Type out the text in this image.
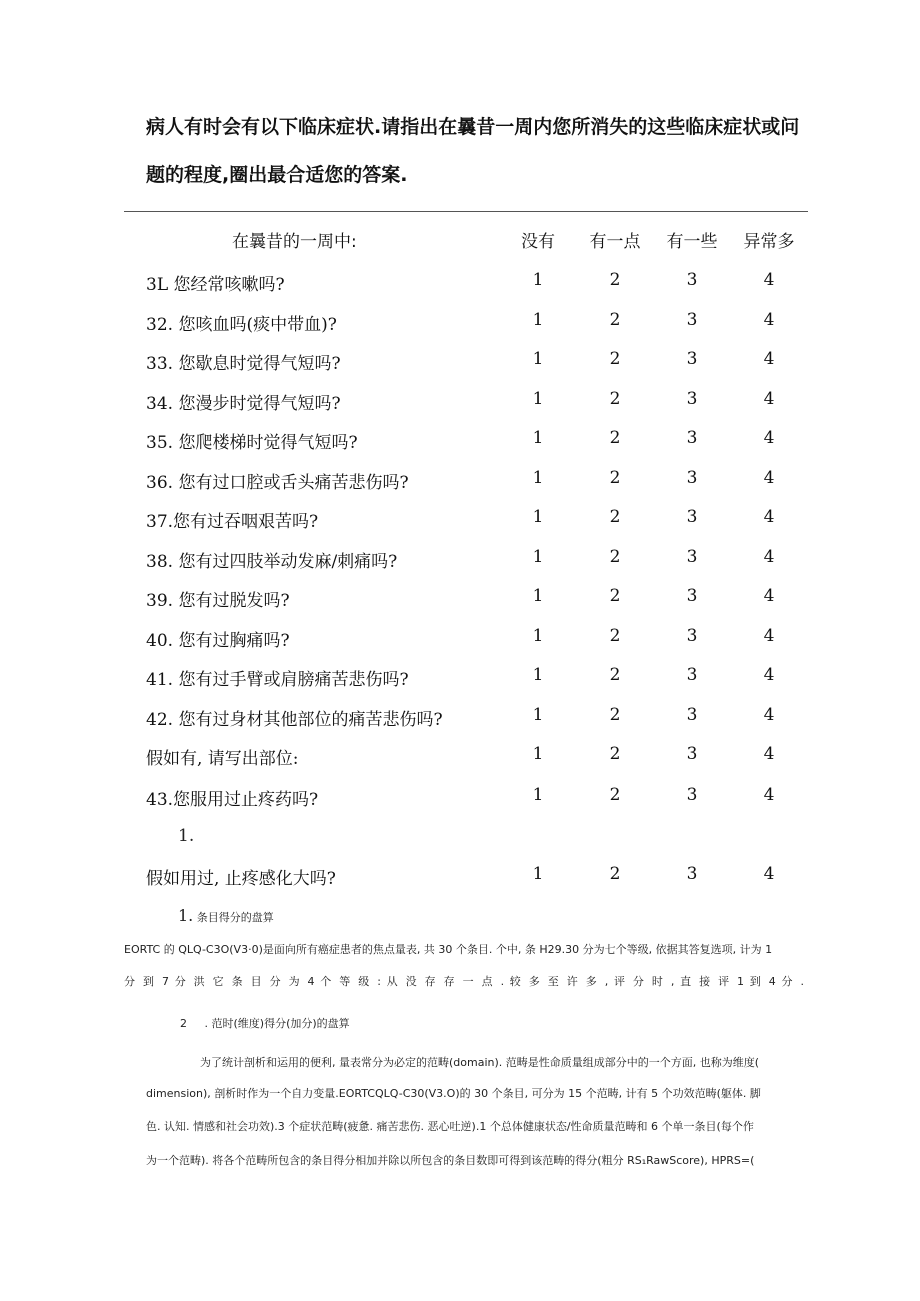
病人有时会有以下临床症状.请指出在曩昔一周内您所消失的这些临床症状或问
题的程度,圈出最合适您的答案.
在曩昔的一周中:	没有	有一点	有一些	异常多
3L 您经常咳嗽吗?	1	2	3	4
32. 您咳血吗(痰中带血)?	1	2	3	4
33. 您歇息时觉得气短吗?	1	2	3	4
34. 您漫步时觉得气短吗?	1	2	3	4
35. 您爬楼梯时觉得气短吗?	1	2	3	4
36. 您有过口腔或舌头痛苦悲伤吗?	1	2	3	4
37.您有过吞咽艰苦吗?	1	2	3	4
38. 您有过四肢举动发麻/刺痛吗?	1	2	3	4
39. 您有过脱发吗?	1	2	3	4
40. 您有过胸痛吗?	1	2	3	4
41. 您有过手臂或肩膀痛苦悲伤吗?	1	2	3	4
42. 您有过身材其他部位的痛苦悲伤吗?	1	2	3	4
假如有, 请写出部位:	1	2	3	4
43.您服用过止疼药吗?	1	2	3	4
假如用过, 止疼感化大吗?	1	2	3	4
1.
1. 条目得分的盘算
EORTC 的 QLQ-C3O(V3·0)是面向所有癌症患者的焦点量表, 共 30 个条目. 个中, 条 H29.30 分为七个等级, 依据其答复选项, 计为 1
分 到 7 分 洪 它 条 目 分 为 4 个 等 级 : 从 没 存 存 一 点 . 较 多 至 许 多 , 评 分 时 , 直 接 评 1 到 4 分 .
2 . 范时(维度)得分(加分)的盘算
为了统计剖析和运用的便利, 量表常分为必定的范畴(domain). 范畴是性命质量组成部分中的一个方面, 也称为维度(
dimension), 剖析时作为一个自力变量.EORTCQLQ-C30(V3.O)的 30 个条目, 可分为 15 个范畴, 计有 5 个功效范畴(躯体. 脚
色. 认知. 情感和社会功效).3 个症状范畴(疲惫. 痛苦悲伤. 恶心吐逆).1 个总体健康状态/性命质量范畴和 6 个单一条目(每个作
为一个范畴). 将各个范畴所包含的条目得分相加并除以所包含的条目数即可得到该范畴的得分(粗分 RS₁RawScore), HPRS=(
